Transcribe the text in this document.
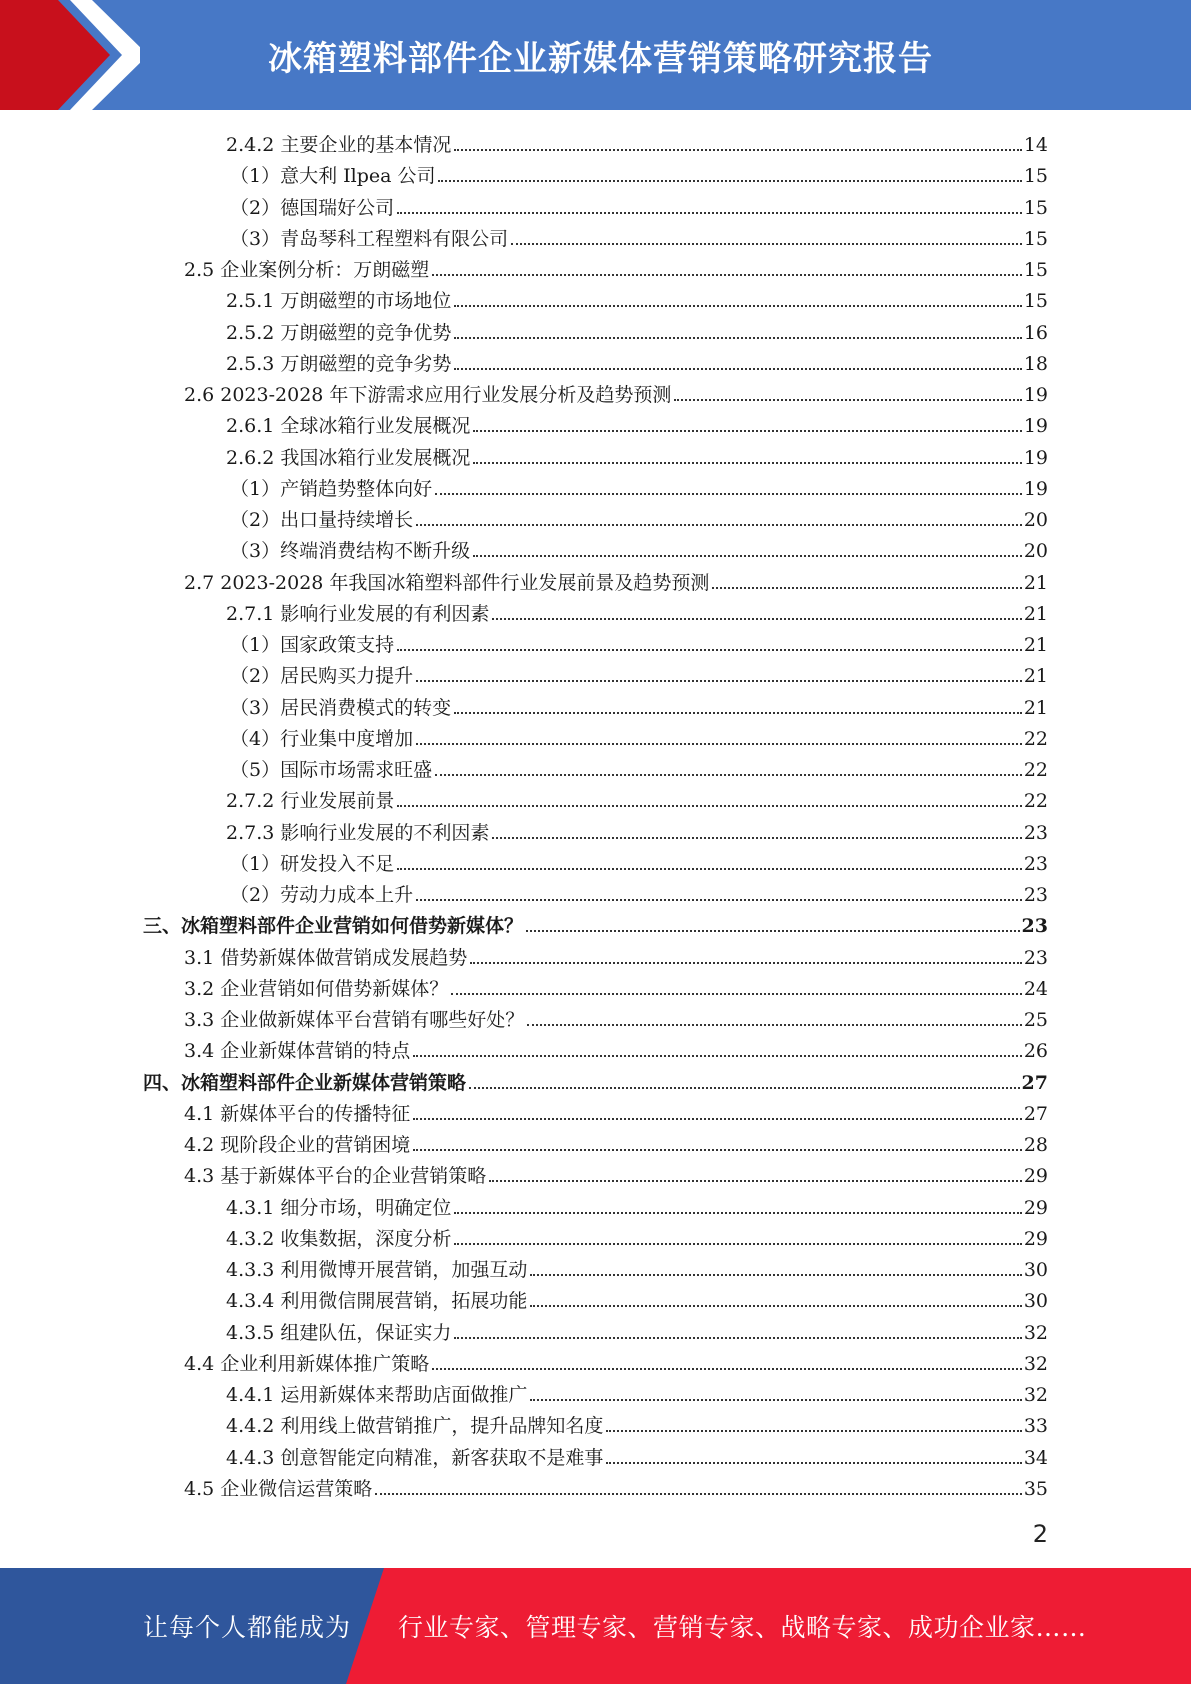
冰箱塑料部件企业新媒体营销策略研究报告
2.4.2 主要企业的基本情况	14
（1）意大利 Ilpea 公司	15
（2）德国瑞好公司	15
（3）青岛琴科工程塑料有限公司	15
2.5 企业案例分析：万朗磁塑	15
2.5.1 万朗磁塑的市场地位	15
2.5.2 万朗磁塑的竞争优势	16
2.5.3 万朗磁塑的竞争劣势	18
2.6 2023-2028 年下游需求应用行业发展分析及趋势预测	19
2.6.1 全球冰箱行业发展概况	19
2.6.2 我国冰箱行业发展概况	19
（1）产销趋势整体向好	19
（2）出口量持续增长	20
（3）终端消费结构不断升级	20
2.7 2023-2028 年我国冰箱塑料部件行业发展前景及趋势预测	21
2.7.1 影响行业发展的有利因素	21
（1）国家政策支持	21
（2）居民购买力提升	21
（3）居民消费模式的转变	21
（4）行业集中度增加	22
（5）国际市场需求旺盛	22
2.7.2 行业发展前景	22
2.7.3 影响行业发展的不利因素	23
（1）研发投入不足	23
（2）劳动力成本上升	23
三、冰箱塑料部件企业营销如何借势新媒体？	23
3.1 借势新媒体做营销成发展趋势	23
3.2 企业营销如何借势新媒体？	24
3.3 企业做新媒体平台营销有哪些好处？	25
3.4 企业新媒体营销的特点	26
四、冰箱塑料部件企业新媒体营销策略	27
4.1 新媒体平台的传播特征	27
4.2 现阶段企业的营销困境	28
4.3 基于新媒体平台的企业营销策略	29
4.3.1 细分市场，明确定位	29
4.3.2 收集数据，深度分析	29
4.3.3 利用微博开展营销，加强互动	30
4.3.4 利用微信開展营销，拓展功能	30
4.3.5 组建队伍，保证实力	32
4.4 企业利用新媒体推广策略	32
4.4.1 运用新媒体来帮助店面做推广	32
4.4.2 利用线上做营销推广，提升品牌知名度	33
4.4.3 创意智能定向精准，新客获取不是难事	34
4.5 企业微信运营策略	35
2
让每个人都能成为 行业专家、管理专家、营销专家、战略专家、成功企业家……
